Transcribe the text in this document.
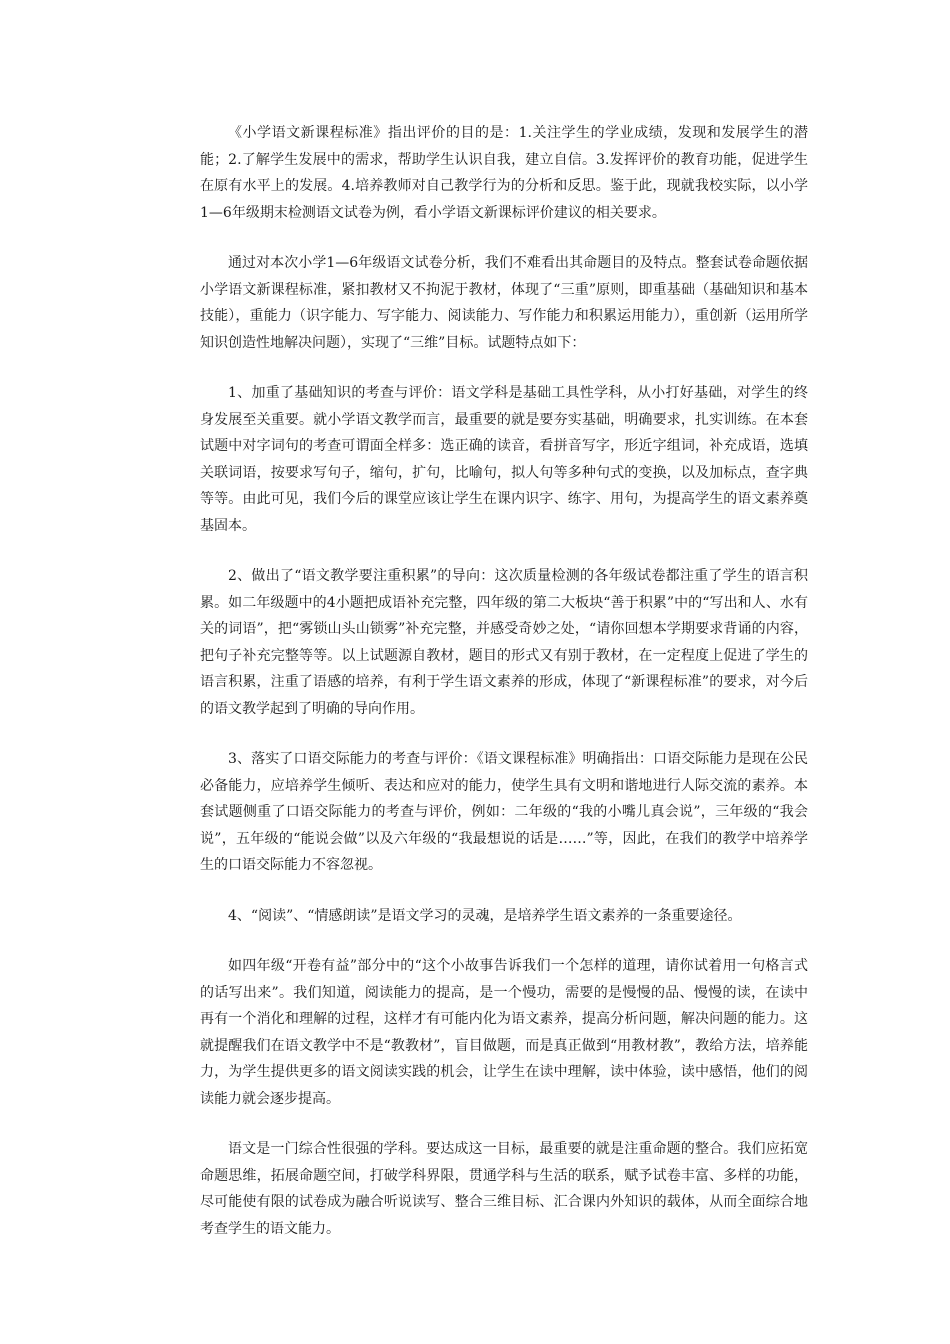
《小学语文新课程标准》指出评价的目的是：1.关注学生的学业成绩，发现和发展学生的潜能；2.了解学生发展中的需求，帮助学生认识自我，建立自信。3.发挥评价的教育功能，促进学生在原有水平上的发展。4.培养教师对自己教学行为的分析和反思。鉴于此，现就我校实际，以小学1—6年级期末检测语文试卷为例，看小学语文新课标评价建议的相关要求。

通过对本次小学1—6年级语文试卷分析，我们不难看出其命题目的及特点。整套试卷命题依据小学语文新课程标准，紧扣教材又不拘泥于教材，体现了“三重”原则，即重基础（基础知识和基本技能），重能力（识字能力、写字能力、阅读能力、写作能力和积累运用能力），重创新（运用所学知识创造性地解决问题），实现了“三维”目标。试题特点如下：

1、加重了基础知识的考查与评价：语文学科是基础工具性学科，从小打好基础，对学生的终身发展至关重要。就小学语文教学而言，最重要的就是要夯实基础，明确要求，扎实训练。在本套试题中对字词句的考查可谓面全样多：选正确的读音，看拼音写字，形近字组词，补充成语，选填关联词语，按要求写句子，缩句，扩句，比喻句，拟人句等多种句式的变换，以及加标点，查字典等等。由此可见，我们今后的课堂应该让学生在课内识字、练字、用句，为提高学生的语文素养奠基固本。

2、做出了“语文教学要注重积累”的导向：这次质量检测的各年级试卷都注重了学生的语言积累。如二年级题中的4小题把成语补充完整，四年级的第二大板块“善于积累”中的“写出和人、水有关的词语”，把“雾锁山头山锁雾”补充完整，并感受奇妙之处，“请你回想本学期要求背诵的内容，把句子补充完整等等。以上试题源自教材，题目的形式又有别于教材，在一定程度上促进了学生的语言积累，注重了语感的培养，有利于学生语文素养的形成，体现了“新课程标准”的要求，对今后的语文教学起到了明确的导向作用。

3、落实了口语交际能力的考查与评价：《语文课程标准》明确指出：口语交际能力是现在公民必备能力，应培养学生倾听、表达和应对的能力，使学生具有文明和谐地进行人际交流的素养。本套试题侧重了口语交际能力的考查与评价，例如：二年级的“我的小嘴儿真会说”，三年级的“我会说”，五年级的“能说会做”以及六年级的“我最想说的话是……”等，因此，在我们的教学中培养学生的口语交际能力不容忽视。

4、“阅读”、“情感朗读”是语文学习的灵魂，是培养学生语文素养的一条重要途径。

如四年级“开卷有益”部分中的“这个小故事告诉我们一个怎样的道理，请你试着用一句格言式的话写出来”。我们知道，阅读能力的提高，是一个慢功，需要的是慢慢的品、慢慢的读，在读中再有一个消化和理解的过程，这样才有可能内化为语文素养，提高分析问题，解决问题的能力。这就提醒我们在语文教学中不是“教教材”，盲目做题，而是真正做到“用教材教”，教给方法，培养能力，为学生提供更多的语文阅读实践的机会，让学生在读中理解，读中体验，读中感悟，他们的阅读能力就会逐步提高。

语文是一门综合性很强的学科。要达成这一目标，最重要的就是注重命题的整合。我们应拓宽命题思维，拓展命题空间，打破学科界限，贯通学科与生活的联系，赋予试卷丰富、多样的功能，尽可能使有限的试卷成为融合听说读写、整合三维目标、汇合课内外知识的载体，从而全面综合地考查学生的语文能力。
